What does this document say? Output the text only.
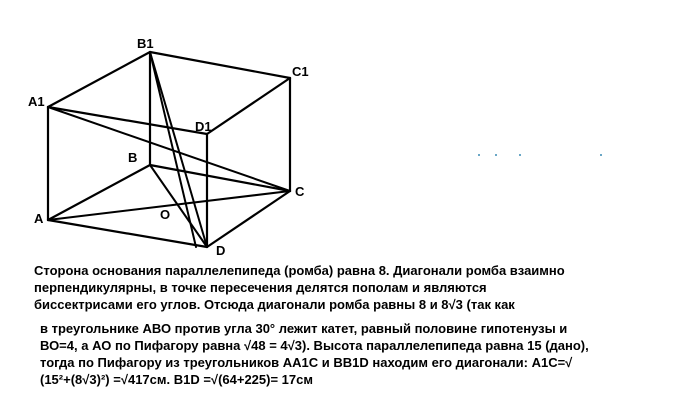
B1
C1
A1
D1
B
C
A	O
D
Сторона основания параллелепипеда (ромба) равна 8. Диагонали ромба взаимно
перпендикулярны, в точке пересечения делятся пополам и являются
биссектрисами его углов. Отсюда диагонали ромба равны 8 и 8√3 (так как
в треугольнике АВО против угла 30° лежит катет, равный половине гипотенузы и
ВО=4, а АО по Пифагору равна √48 = 4√3). Высота параллелепипеда равна 15 (дано),
тогда по Пифагору из треугольников АА1С и ВВ1D находим его диагонали: А1С=√
(15²+(8√3)²) =√417см. B1D =√(64+225)= 17см
